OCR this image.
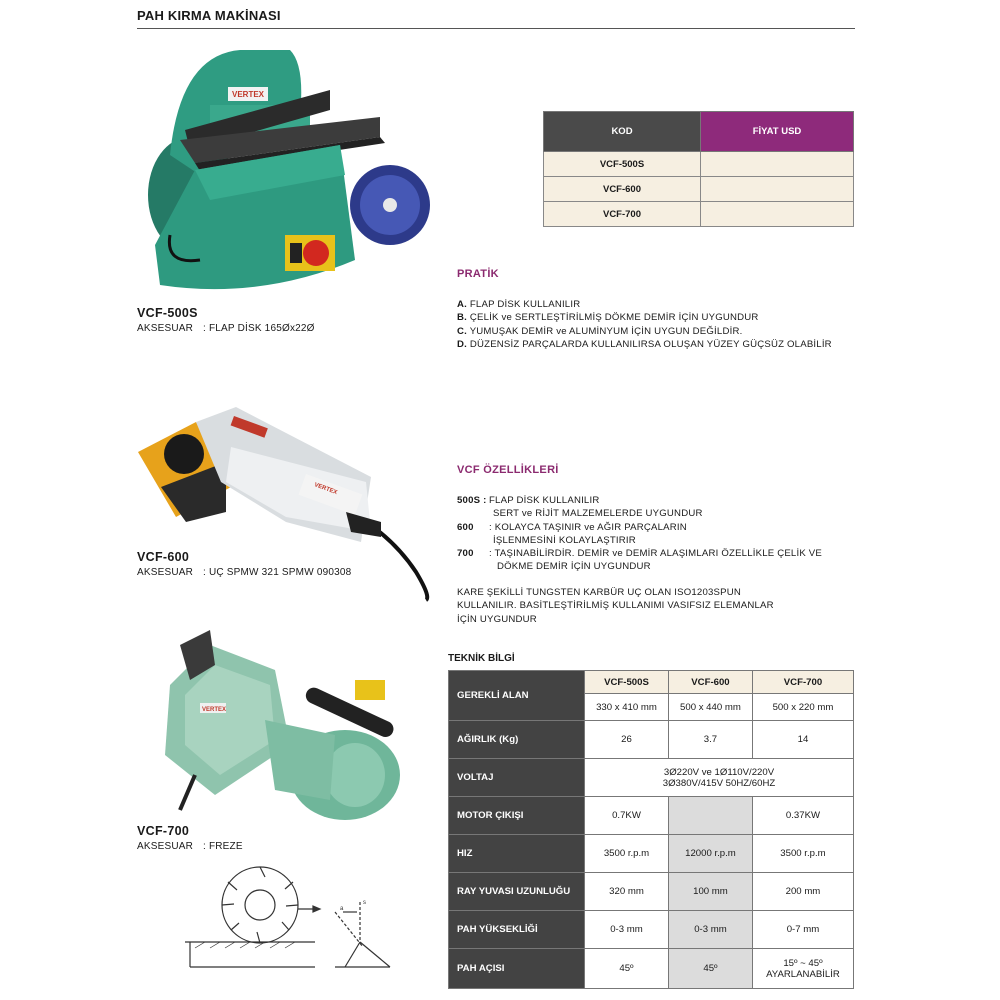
PAH KIRMA MAKİNASI
VERTEX
VCF-500S
AKSESUAR : FLAP DİSK 165Øx22Ø
VERTEX
VCF-600
AKSESUAR : UÇ SPMW 321 SPMW 090308
VERTEX
VCF-700
AKSESUAR : FREZE
a
s
KOD	FİYAT USD
VCF-500S	
VCF-600	
VCF-700	
PRATİK
A. FLAP DİSK KULLANILIR
B. ÇELİK ve SERTLEŞTİRİLMİŞ DÖKME DEMİR İÇİN UYGUNDUR
C. YUMUŞAK DEMİR ve ALUMİNYUM İÇİN UYGUN DEĞİLDİR.
D. DÜZENSİZ PARÇALARDA KULLANILIRSA OLUŞAN YÜZEY GÜÇSÜZ OLABİLİR
VCF ÖZELLİKLERİ
500S : FLAP DİSK KULLANILIR
SERT ve RİJİT MALZEMELERDE UYGUNDUR
600	: KOLAYCA TAŞINIR ve AĞIR PARÇALARIN
İŞLENMESİNİ KOLAYLAŞTIRIR
700	: TAŞINABİLİRDİR. DEMİR ve DEMİR ALAŞIMLARI ÖZELLİKLE ÇELİK VE
DÖKME DEMİR İÇİN UYGUNDUR
KARE ŞEKİLLİ TUNGSTEN KARBÜR UÇ OLAN ISO1203SPUN
KULLANILIR. BASİTLEŞTİRİLMİŞ KULLANIMI VASIFSIZ ELEMANLAR
İÇİN UYGUNDUR
TEKNİK BİLGİ
GEREKLİ ALAN	VCF-500S	VCF-600	VCF-700
	330 x 410 mm	500 x 440 mm	500 x 220 mm
AĞIRLIK (Kg)	26	3.7	14
VOLTAJ	3Ø220V ve 1Ø110V/220V
3Ø380V/415V 50HZ/60HZ		

MOTOR ÇIKIŞI	0.7KW		0.37KW
HIZ	3500 r.p.m	12000 r.p.m	3500 r.p.m
RAY YUVASI UZUNLUĞU	320 mm	100 mm	200 mm
PAH YÜKSEKLİĞİ	0-3 mm	0-3 mm	0-7 mm
PAH AÇISI	45º	45º	15º ~ 45º
AYARLANABİLİR
